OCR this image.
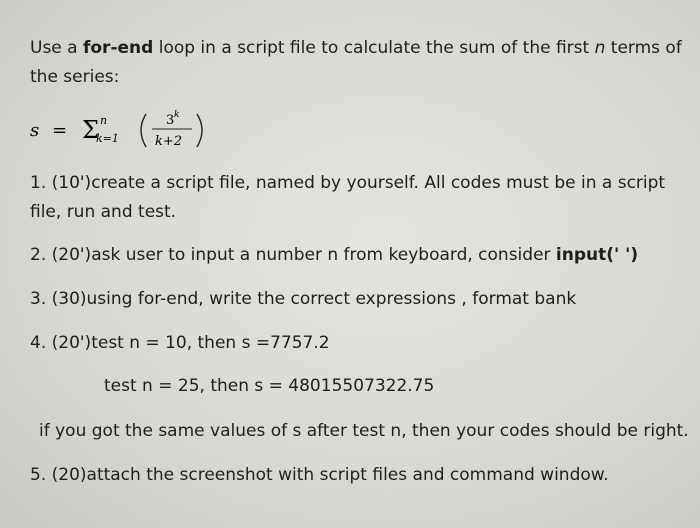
Use a for-end loop in a script file to calculate the sum of the first n terms of
the series:
s = Σ n
k=1
3 k
k+2
1. (10')create a script file, named by yourself. All codes must be in a script
file, run and test.
2. (20')ask user to input a number n from keyboard, consider input(' ')
3. (30)using for-end, write the correct expressions , format bank
4. (20')test n = 10, then s =7757.2
test n = 25, then s = 48015507322.75
if you got the same values of s after test n, then your codes should be right.
5. (20)attach the screenshot with script files and command window.
